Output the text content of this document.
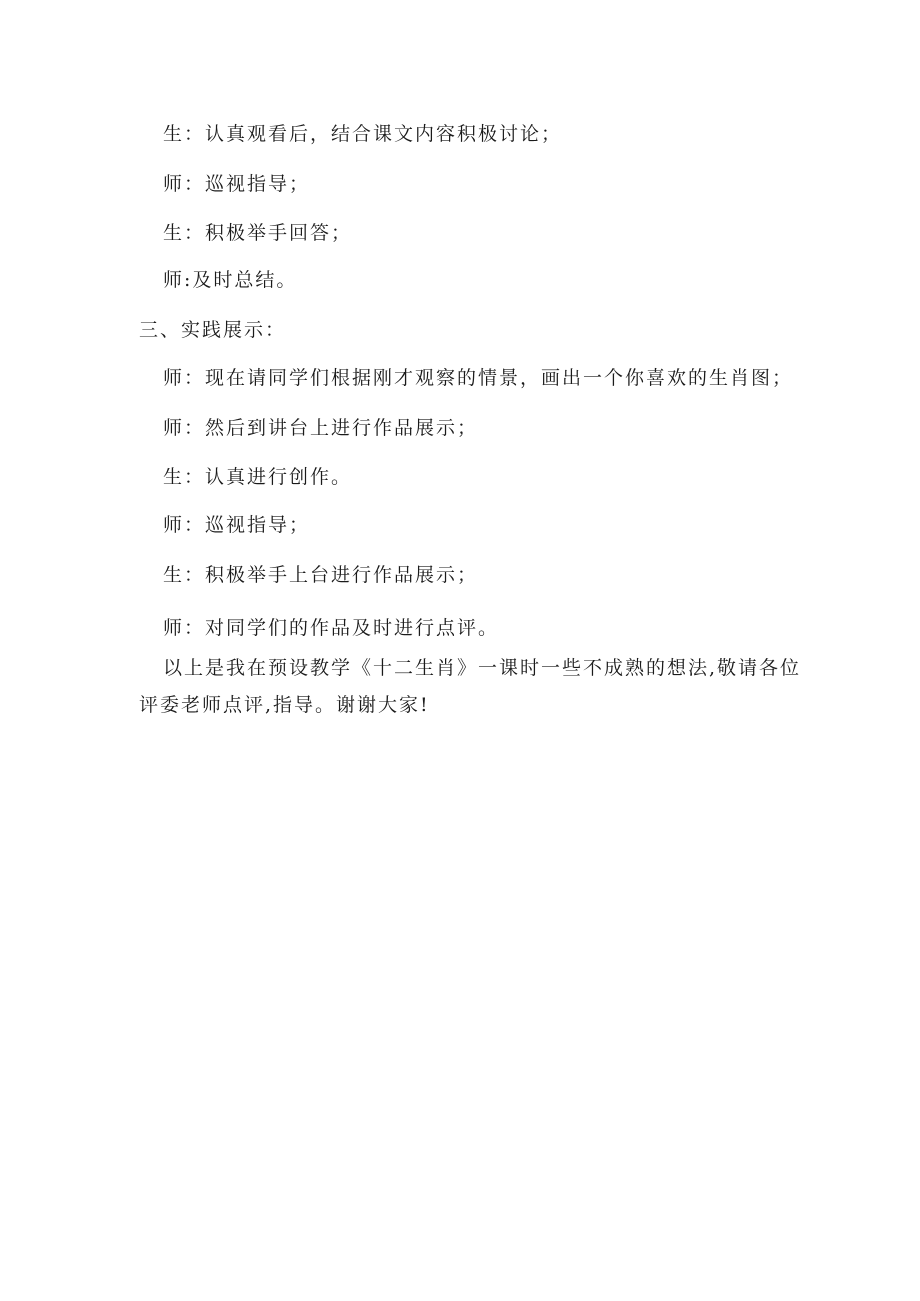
生：认真观看后，结合课文内容积极讨论；
师：巡视指导；
生：积极举手回答；
师:及时总结。
三、实践展示：
师：现在请同学们根据刚才观察的情景，画出一个你喜欢的生肖图；
师：然后到讲台上进行作品展示；
生：认真进行创作。
师：巡视指导；
生：积极举手上台进行作品展示；
师：对同学们的作品及时进行点评。
以上是我在预设教学《十二生肖》一课时一些不成熟的想法,敬请各位
评委老师点评,指导。谢谢大家!
